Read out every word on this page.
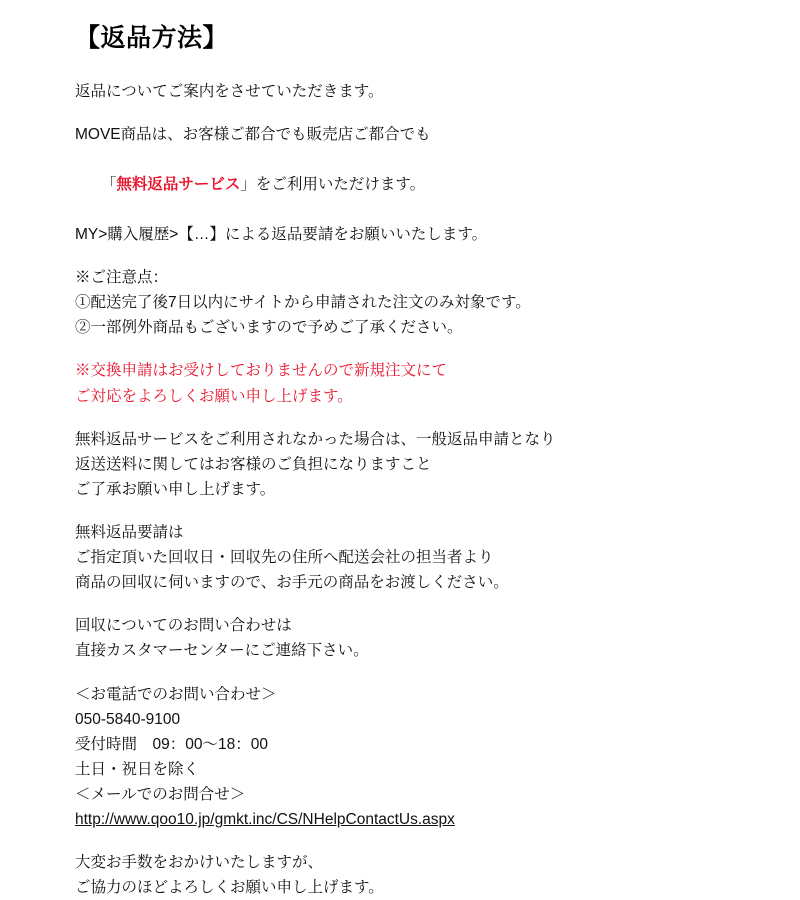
【返品方法】
返品についてご案内をさせていただきます。
MOVE商品は、お客様ご都合でも販売店ご都合でも

「無料返品サービス」をご利用いただけます。

MY>購入履歴>【…】による返品要請をお願いいたします。
※ご注意点：
①配送完了後7日以内にサイトから申請された注文のみ対象です。
②一部例外商品もございますので予めご了承ください。
※交換申請はお受けしておりませんので新規注文にて
ご対応をよろしくお願い申し上げます。
無料返品サービスをご利用されなかった場合は、一般返品申請となり
返送送料に関してはお客様のご負担になりますこと
ご了承お願い申し上げます。
無料返品要請は
ご指定頂いた回収日・回収先の住所へ配送会社の担当者より
商品の回収に伺いますので、お手元の商品をお渡しください。
回収についてのお問い合わせは
直接カスタマーセンターにご連絡下さい。
＜お電話でのお問い合わせ＞
050-5840-9100
受付時間　09：00～18：00
土日・祝日を除く
＜メールでのお問合せ＞
http://www.qoo10.jp/gmkt.inc/CS/NHelpContactUs.aspx
大変お手数をおかけいたしますが、
ご協力のほどよろしくお願い申し上げます。
